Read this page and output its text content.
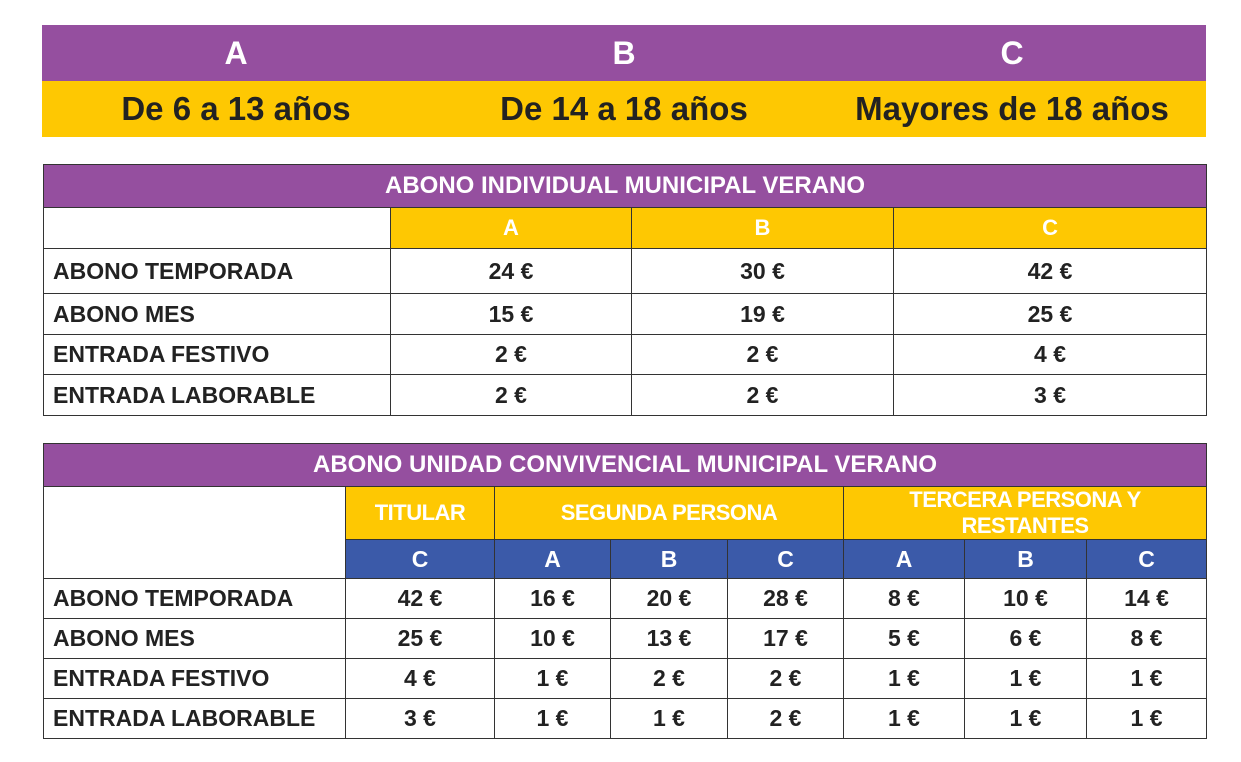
A	B	C
De 6 a 13 años	De 14 a 18 años	Mayores de 18 años
ABONO INDIVIDUAL MUNICIPAL VERANO			
	A	B	C
ABONO TEMPORADA	24 €	30 €	42 €
ABONO MES	15 €	19 €	25 €
ENTRADA FESTIVO	2 €	2 €	4 €
ENTRADA LABORABLE	2 €	2 €	3 €
ABONO UNIDAD CONVIVENCIAL MUNICIPAL VERANO							
	TITULAR	SEGUNDA PERSONA			TERCERA PERSONA Y RESTANTES		
	C	A	B	C	A	B	C
ABONO TEMPORADA	42 €	16 €	20 €	28 €	8 €	10 €	14 €
ABONO MES	25 €	10 €	13 €	17 €	5 €	6 €	8 €
ENTRADA FESTIVO	4 €	1 €	2 €	2 €	1 €	1 €	1 €
ENTRADA LABORABLE	3 €	1 €	1 €	2 €	1 €	1 €	1 €
